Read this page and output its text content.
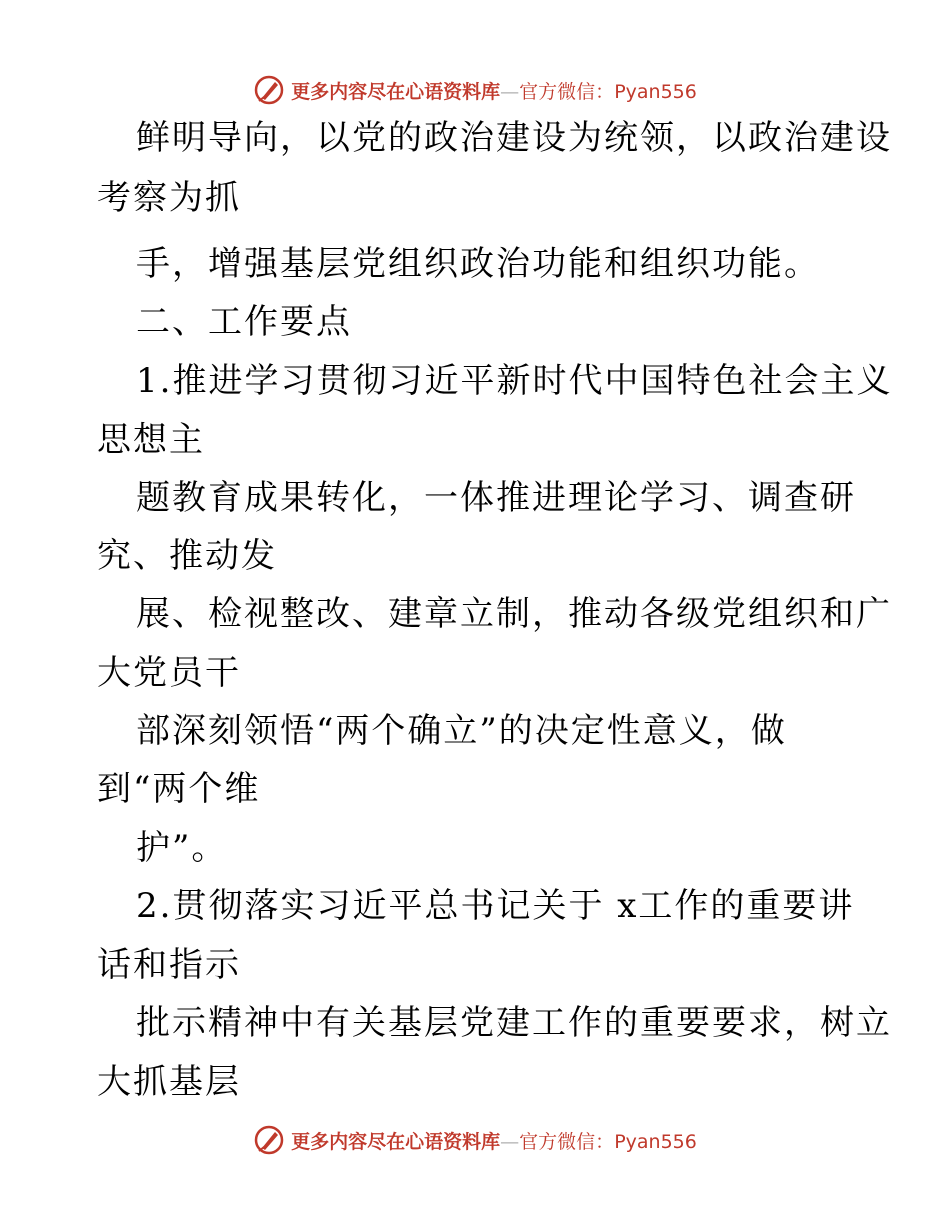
更多内容尽在心语资料库—官方微信：Pyan556
鲜明导向，以党的政治建设为统领，以政治建设
考察为抓
手，增强基层党组织政治功能和组织功能。
二、工作要点
1.推进学习贯彻习近平新时代中国特色社会主义
思想主
题教育成果转化，一体推进理论学习、调查研
究、推动发
展、检视整改、建章立制，推动各级党组织和广
大党员干
部深刻领悟“两个确立”的决定性意义，做
到“两个维
护”。
2.贯彻落实习近平总书记关于 x工作的重要讲
话和指示
批示精神中有关基层党建工作的重要要求，树立
大抓基层
更多内容尽在心语资料库—官方微信：Pyan556
